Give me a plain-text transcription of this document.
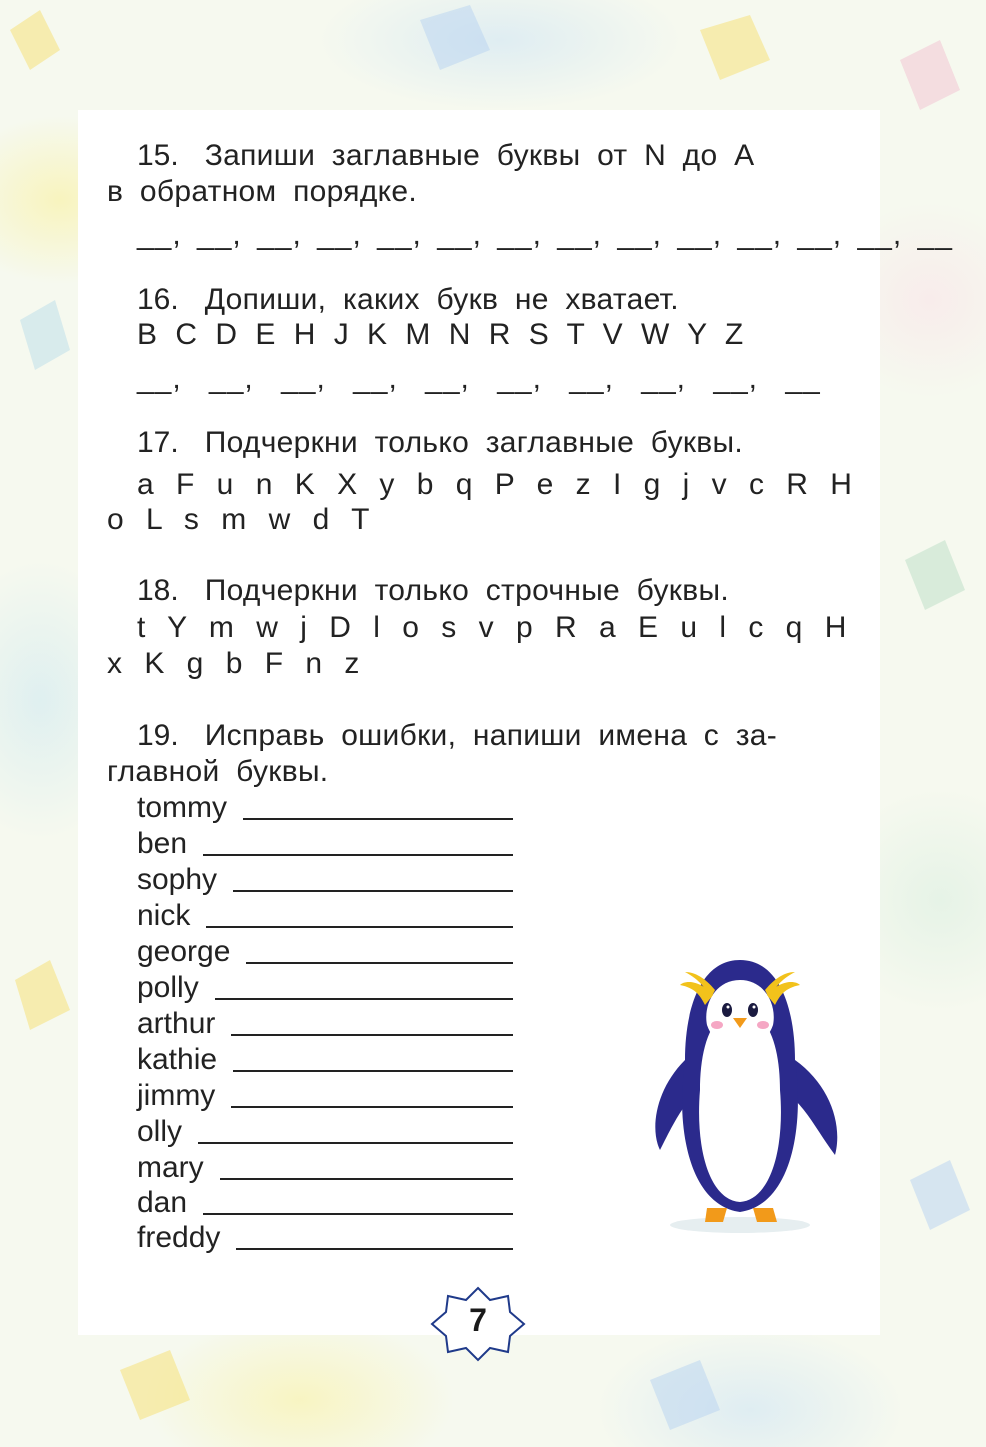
15. Запиши заглавные буквы от N до A
в обратном порядке.
__, __, __, __, __, __, __, __, __, __, __, __, __, __
16. Допиши, каких букв не хватает.
B C D E H J K M N R S T V W Y Z
__, __, __, __, __, __, __, __, __, __
17. Подчеркни только заглавные буквы.
a F u n K X y b q P e z I g j v c R H
o L s m w d T
18. Подчеркни только строчные буквы.
t Y m w j D l o s v p R a E u l c q H
x K g b F n z
19. Исправь ошибки, напиши имена с за-
главной буквы.
tommy
ben
sophy
nick
george
polly
arthur
kathie
jimmy
olly
mary
dan
freddy
7
